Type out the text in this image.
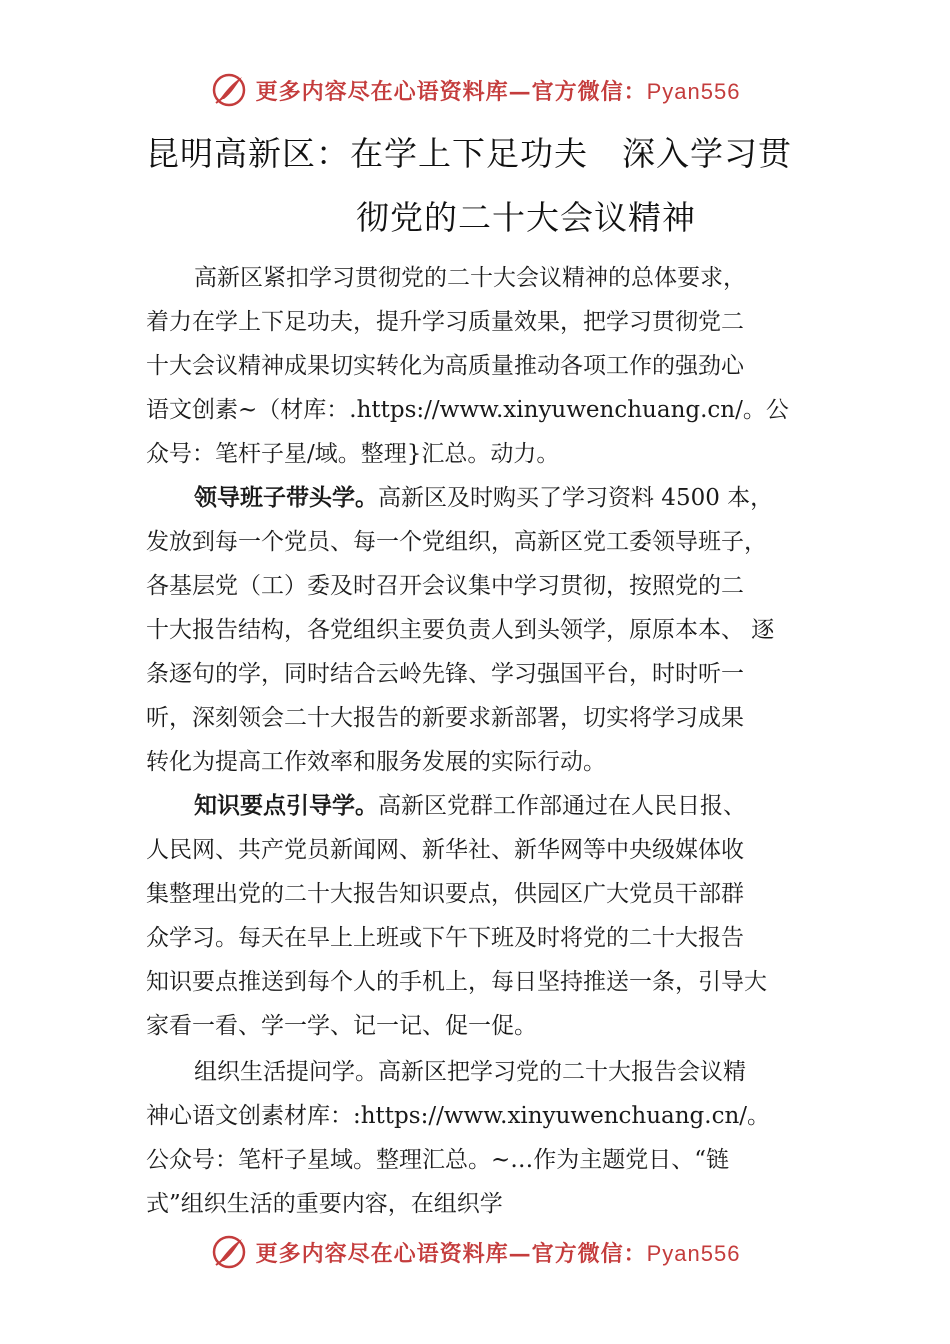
更多内容尽在心语资料库—官方微信：Pyan556
昆明高新区：在学上下足功夫　深入学习贯
彻党的二十大会议精神
高新区紧扣学习贯彻党的二十大会议精神的总体要求，
着力在学上下足功夫，提升学习质量效果，把学习贯彻党二
十大会议精神成果切实转化为高质量推动各项工作的强劲心
语文创素~（材库：.https://www.xinyuwenchuang.cn/。公
众号：笔杆子星/域。整理}汇总。动力。
领导班子带头学。高新区及时购买了学习资料 4500 本，
发放到每一个党员、每一个党组织，高新区党工委领导班子，
各基层党（工）委及时召开会议集中学习贯彻，按照党的二
十大报告结构，各党组织主要负责人到头领学，原原本本、 逐
条逐句的学，同时结合云岭先锋、学习强国平台，时时听一
听，深刻领会二十大报告的新要求新部署，切实将学习成果
转化为提高工作效率和服务发展的实际行动。
知识要点引导学。高新区党群工作部通过在人民日报、
人民网、共产党员新闻网、新华社、新华网等中央级媒体收
集整理出党的二十大报告知识要点，供园区广大党员干部群
众学习。每天在早上上班或下午下班及时将党的二十大报告
知识要点推送到每个人的手机上，每日坚持推送一条，引导大
家看一看、学一学、记一记、促一促。
组织生活提问学。高新区把学习党的二十大报告会议精
神心语文创素材库：:https://www.xinyuwenchuang.cn/。
公众号：笔杆子星域。整理汇总。~…作为主题党日、“链
式”组织生活的重要内容，在组织学
更多内容尽在心语资料库—官方微信：Pyan556
